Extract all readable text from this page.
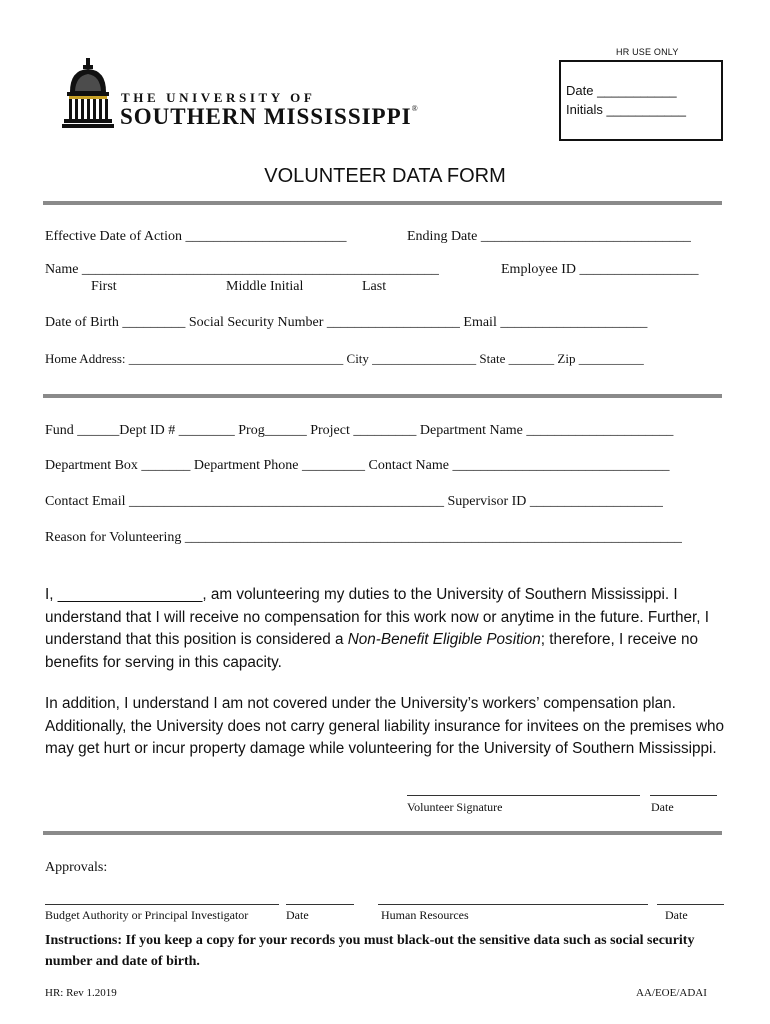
HR USE ONLY
Date ___________
Initials ___________
THE UNIVERSITY OF
SOUTHERN MISSISSIPPI®
VOLUNTEER DATA FORM
Effective Date of Action _______________________	Ending Date ______________________________
Name ___________________________________________________	Employee ID _________________
First	Middle Initial	Last
Date of Birth _________ Social Security Number ___________________ Email _____________________
Home Address: _________________________________ City ________________ State _______ Zip __________
Fund ______Dept ID # ________ Prog______ Project _________ Department Name _____________________
Department Box _______ Department Phone _________ Contact Name _______________________________
Contact Email _____________________________________________ Supervisor ID ___________________
Reason for Volunteering _______________________________________________________________________
I, _________________, am volunteering my duties to the University of Southern Mississippi. I understand that I will receive no compensation for this work now or anytime in the future. Further, I understand that this position is considered a Non-Benefit Eligible Position; therefore, I receive no benefits for serving in this capacity.
In addition, I understand I am not covered under the University’s workers’ compensation plan. Additionally, the University does not carry general liability insurance for invitees on the premises who may get hurt or incur property damage while volunteering for the University of Southern Mississippi.
Volunteer Signature	Date
Approvals:
Budget Authority or Principal Investigator	Date	Human Resources	Date
Instructions: If you keep a copy for your records you must black-out the sensitive data such as social security number and date of birth.
HR: Rev 1.2019	AA/EOE/ADAI
